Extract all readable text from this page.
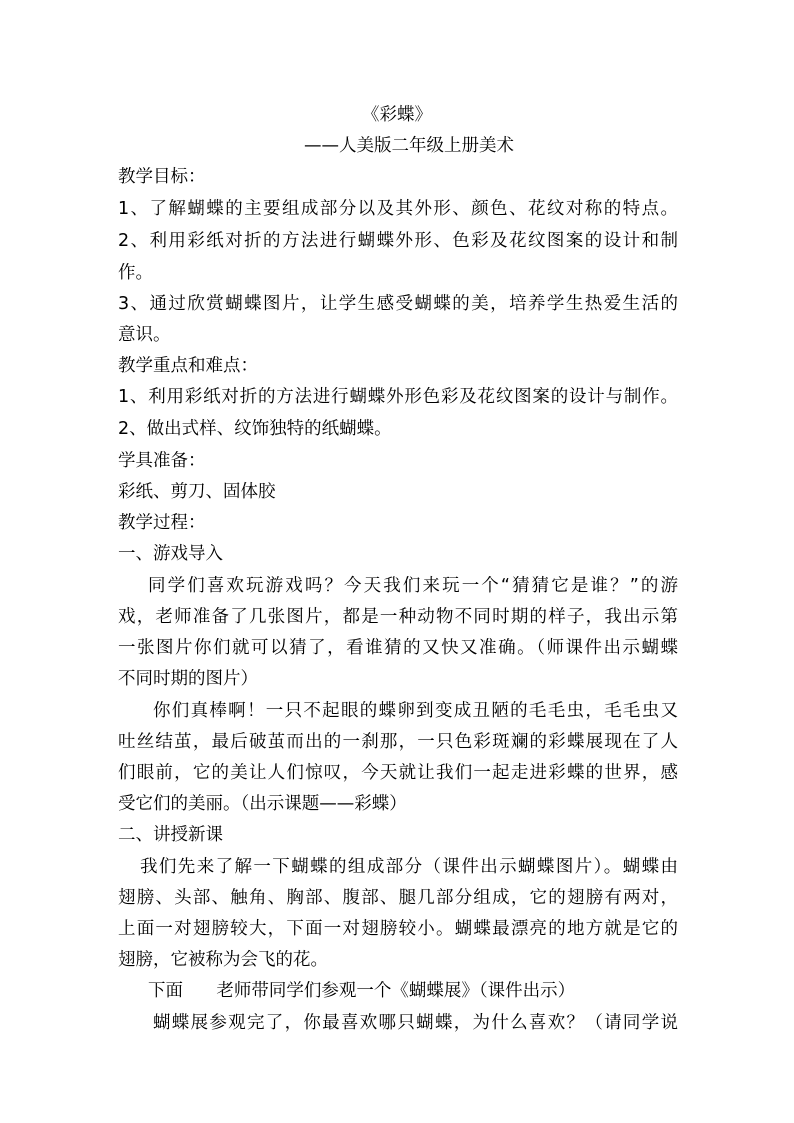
《彩蝶》
——人美版二年级上册美术
教学目标：
1、了解蝴蝶的主要组成部分以及其外形、颜色、花纹对称的特点。
2、利用彩纸对折的方法进行蝴蝶外形、色彩及花纹图案的设计和制
作。
3、通过欣赏蝴蝶图片，让学生感受蝴蝶的美，培养学生热爱生活的
意识。
教学重点和难点：
1、利用彩纸对折的方法进行蝴蝶外形色彩及花纹图案的设计与制作。
2、做出式样、纹饰独特的纸蝴蝶。
学具准备：
彩纸、剪刀、固体胶
教学过程：
一、游戏导入
同学们喜欢玩游戏吗？今天我们来玩一个“猜猜它是谁？”的游
戏，老师准备了几张图片，都是一种动物不同时期的样子，我出示第
一张图片你们就可以猜了，看谁猜的又快又准确。（师课件出示蝴蝶
不同时期的图片）
你们真棒啊！一只不起眼的蝶卵到变成丑陋的毛毛虫，毛毛虫又
吐丝结茧，最后破茧而出的一刹那，一只色彩斑斓的彩蝶展现在了人
们眼前，它的美让人们惊叹，今天就让我们一起走进彩蝶的世界，感
受它们的美丽。（出示课题——彩蝶）
二、讲授新课
我们先来了解一下蝴蝶的组成部分（课件出示蝴蝶图片）。蝴蝶由
翅膀、头部、触角、胸部、腹部、腿几部分组成，它的翅膀有两对，
上面一对翅膀较大，下面一对翅膀较小。蝴蝶最漂亮的地方就是它的
翅膀，它被称为会飞的花。
下面      老师带同学们参观一个《蝴蝶展》（课件出示）
蝴蝶展参观完了，你最喜欢哪只蝴蝶，为什么喜欢？（请同学说
